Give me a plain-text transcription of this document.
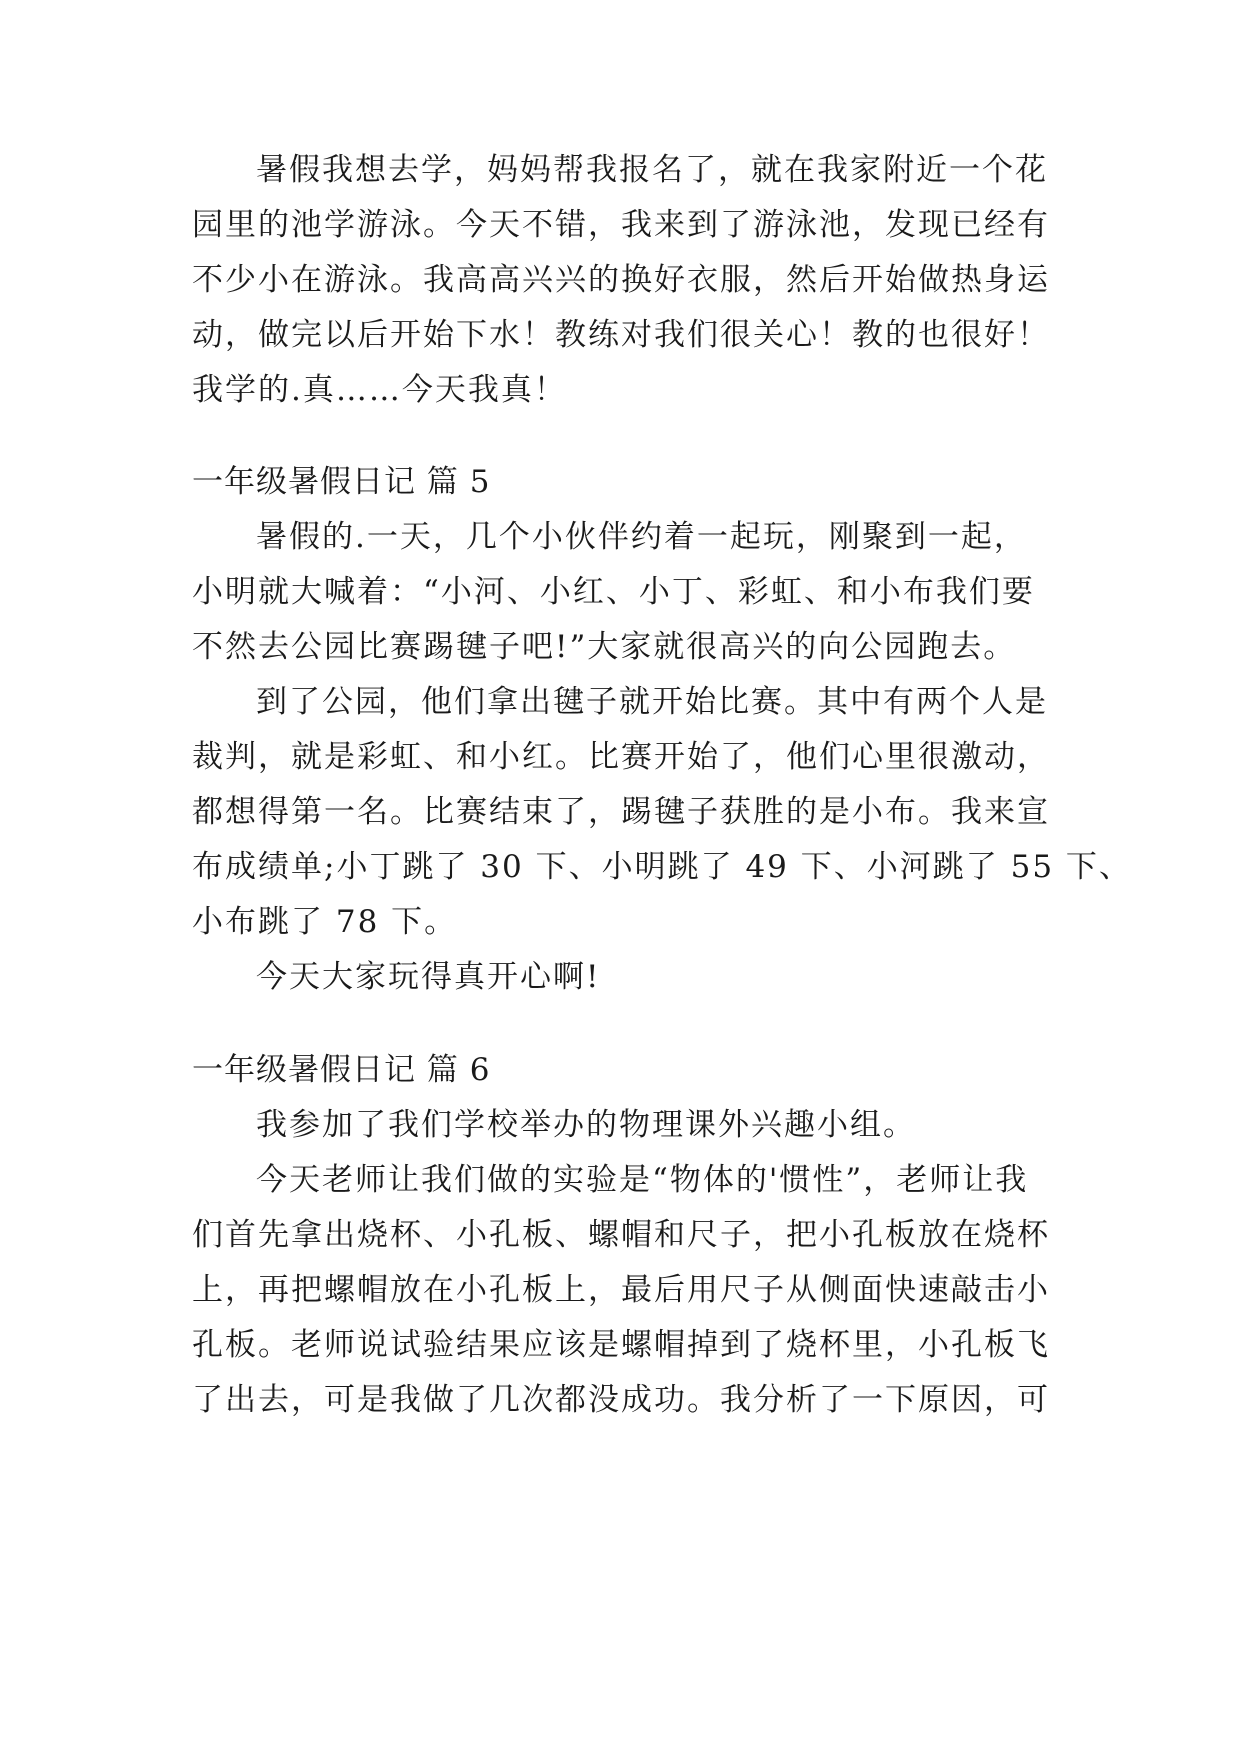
暑假我想去学，妈妈帮我报名了，就在我家附近一个花
园里的池学游泳。今天不错，我来到了游泳池，发现已经有
不少小在游泳。我高高兴兴的换好衣服，然后开始做热身运
动，做完以后开始下水！教练对我们很关心！教的也很好！
我学的.真……今天我真！
一年级暑假日记 篇 5
暑假的.一天，几个小伙伴约着一起玩，刚聚到一起，
小明就大喊着：“小河、小红、小丁、彩虹、和小布我们要
不然去公园比赛踢毽子吧!”大家就很高兴的向公园跑去。
到了公园，他们拿出毽子就开始比赛。其中有两个人是
裁判，就是彩虹、和小红。比赛开始了，他们心里很激动，
都想得第一名。比赛结束了，踢毽子获胜的是小布。我来宣
布成绩单;小丁跳了 30 下、小明跳了 49 下、小河跳了 55 下、
小布跳了 78 下。
今天大家玩得真开心啊!
一年级暑假日记 篇 6
我参加了我们学校举办的物理课外兴趣小组。
今天老师让我们做的实验是“物体的'惯性”，老师让我
们首先拿出烧杯、小孔板、螺帽和尺子，把小孔板放在烧杯
上，再把螺帽放在小孔板上，最后用尺子从侧面快速敲击小
孔板。老师说试验结果应该是螺帽掉到了烧杯里，小孔板飞
了出去，可是我做了几次都没成功。我分析了一下原因，可
